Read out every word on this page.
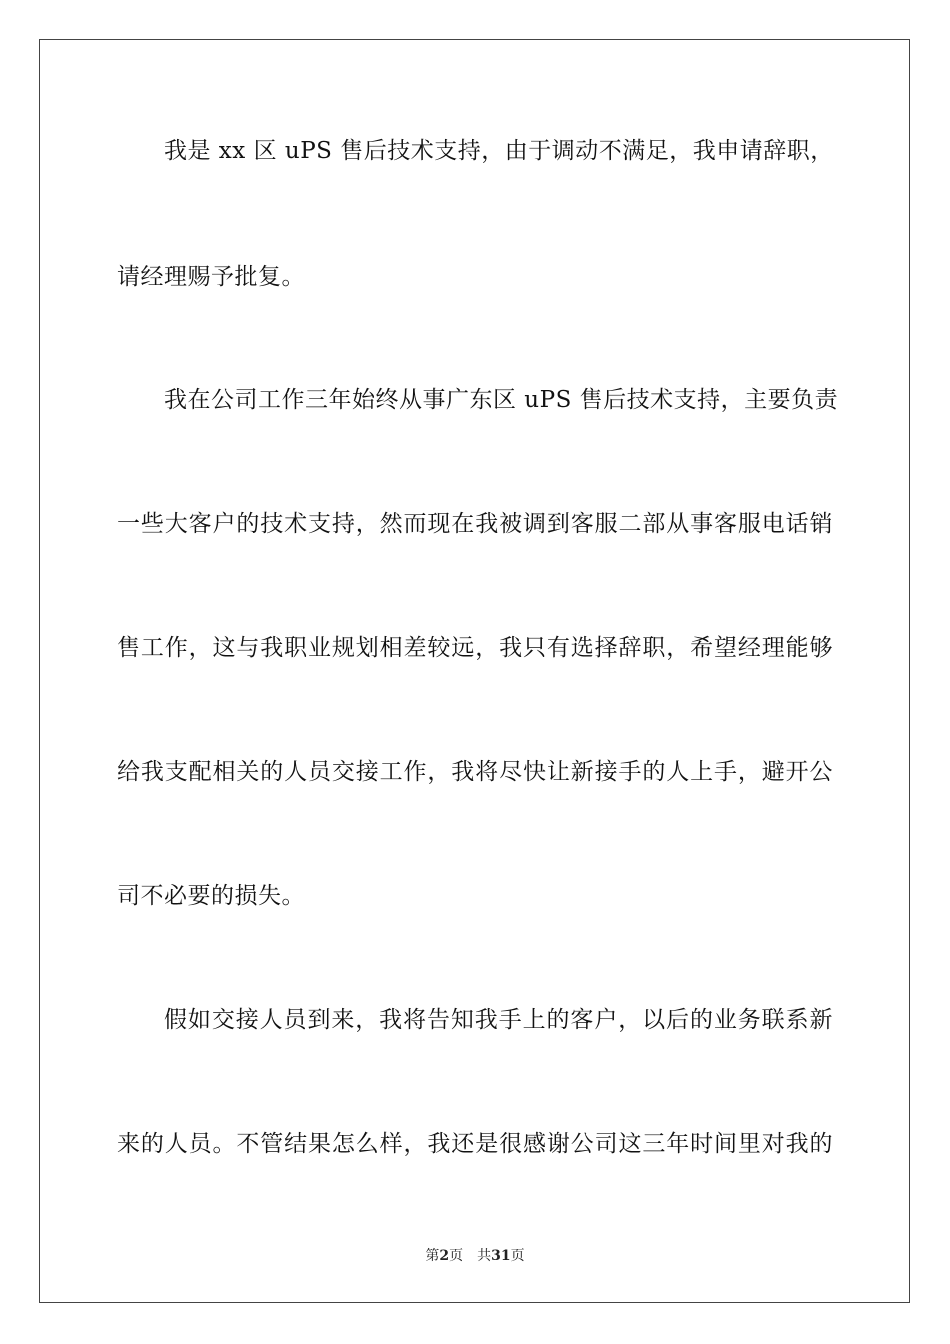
我是 xx 区 uPS 售后技术支持，由于调动不满足，我申请辞职，
请经理赐予批复。
我在公司工作三年始终从事广东区 uPS 售后技术支持，主要负责
一些大客户的技术支持，然而现在我被调到客服二部从事客服电话销
售工作，这与我职业规划相差较远，我只有选择辞职，希望经理能够
给我支配相关的人员交接工作，我将尽快让新接手的人上手，避开公
司不必要的损失。
假如交接人员到来，我将告知我手上的客户，以后的业务联系新
来的人员。不管结果怎么样，我还是很感谢公司这三年时间里对我的
第2页 共31页
